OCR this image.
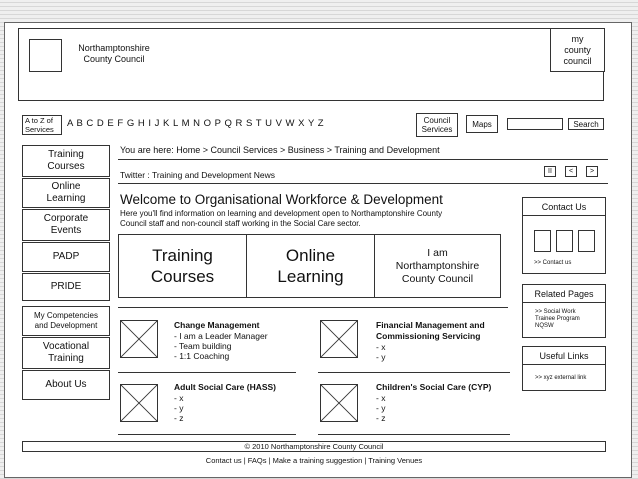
Northamptonshire
County Council
my
county
council
A to Z of
Services
A B C D E F G H I J K L M N O P Q R S T U V W X Y Z	Council
Services
Maps	Search
Training
Courses
Online
Learning
Corporate
Events
PADP
PRIDE
My Competencies
and Development
Vocational
Training
About Us
You are here: Home > Council Services > Business > Training and Development
Twitter : Training and Development News	II	<	>
Welcome to Organisational Workforce & Development
Here you'll find information on learning and development open to Northamptonshire County
Council staff and non-council staff working in the Social Care sector.
Training
Courses
Online
Learning
I am
Northamptonshire
County Council
Change Management
- I am a Leader Manager
- Team building
- 1:1 Coaching
Financial Management and
Commissioning Servicing
- x
- y
Adult Social Care (HASS)
- x
- y
- z
Children's Social Care (CYP)
- x
- y
- z
Contact Us
>> Contact us
Related Pages
>> Social Work
Trainee Program
NQSW
Useful Links
>> xyz external link
© 2010 Northamptonshire County Council
Contact us | FAQs | Make a training suggestion | Training Venues
